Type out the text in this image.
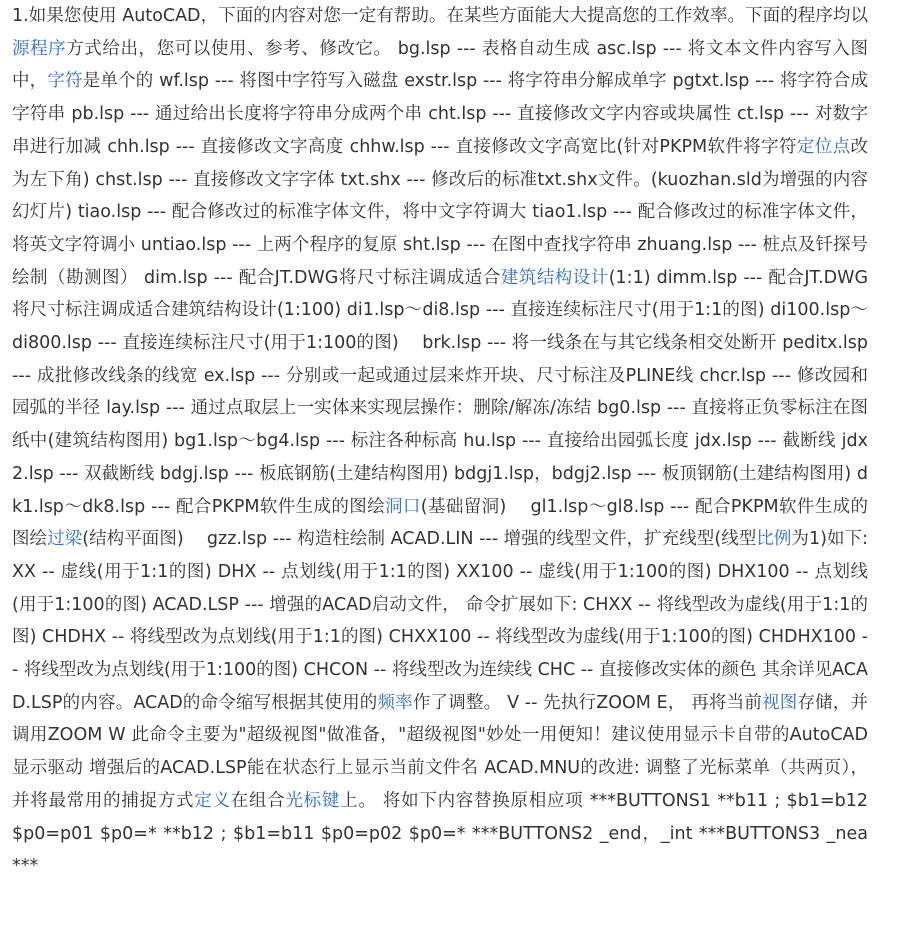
1.如果您使用 AutoCAD，下面的内容对您一定有帮助。在某些方面能大大提高您的工作效率。下面的程序均以源程序方式给出，您可以使用、参考、修改它。 bg.lsp --- 表格自动生成 asc.lsp --- 将文本文件内容写入图中，字符是单个的 wf.lsp --- 将图中字符写入磁盘 exstr.lsp --- 将字符串分解成单字 pgtxt.lsp --- 将字符合成字符串 pb.lsp --- 通过给出长度将字符串分成两个串 cht.lsp --- 直接修改文字内容或块属性 ct.lsp --- 对数字串进行加减 chh.lsp --- 直接修改文字高度 chhw.lsp --- 直接修改文字高宽比(针对PKPM软件将字符定位点改为左下角) chst.lsp --- 直接修改文字字体 txt.shx --- 修改后的标准txt.shx文件。(kuozhan.sld为增强的内容幻灯片) tiao.lsp --- 配合修改过的标准字体文件，将中文字符调大 tiao1.lsp --- 配合修改过的标准字体文件，将英文字符调小 untiao.lsp --- 上两个程序的复原 sht.lsp --- 在图中查找字符串 zhuang.lsp --- 桩点及钎探号绘制（勘测图） dim.lsp --- 配合JT.DWG将尺寸标注调成适合建筑结构设计(1:1) dimm.lsp --- 配合JT.DWG将尺寸标注调成适合建筑结构设计(1:100) di1.lsp～di8.lsp --- 直接连续标注尺寸(用于1:1的图) di100.lsp～di800.lsp --- 直接连续标注尺寸(用于1:100的图)　 brk.lsp --- 将一线条在与其它线条相交处断开 peditx.lsp --- 成批修改线条的线宽 ex.lsp --- 分别或一起或通过层来炸开块、尺寸标注及PLINE线 chcr.lsp --- 修改园和园弧的半径 lay.lsp --- 通过点取层上一实体来实现层操作：删除/解冻/冻结 bg0.lsp --- 直接将正负零标注在图纸中(建筑结构图用) bg1.lsp～bg4.lsp --- 标注各种标高 hu.lsp --- 直接给出园弧长度 jdx.lsp --- 截断线 jdx2.lsp --- 双截断线 bdgj.lsp --- 板底钢筋(土建结构图用) bdgj1.lsp，bdgj2.lsp --- 板顶钢筋(土建结构图用) dk1.lsp～dk8.lsp --- 配合PKPM软件生成的图绘洞口(基础留洞)　 gl1.lsp～gl8.lsp --- 配合PKPM软件生成的图绘过梁(结构平面图)　 gzz.lsp --- 构造柱绘制 ACAD.LIN --- 增强的线型文件，扩充线型(线型比例为1)如下: XX -- 虚线(用于1:1的图) DHX -- 点划线(用于1:1的图) XX100 -- 虚线(用于1:100的图) DHX100 -- 点划线(用于1:100的图) ACAD.LSP --- 增强的ACAD启动文件， 命令扩展如下: CHXX -- 将线型改为虚线(用于1:1的图) CHDHX -- 将线型改为点划线(用于1:1的图) CHXX100 -- 将线型改为虚线(用于1:100的图) CHDHX100 -- 将线型改为点划线(用于1:100的图) CHCON -- 将线型改为连续线 CHC -- 直接修改实体的颜色 其余详见ACAD.LSP的内容。ACAD的命令缩写根据其使用的频率作了调整。 V -- 先执行ZOOM E， 再将当前视图存储，并调用ZOOM W 此命令主要为"超级视图"做准备，"超级视图"妙处一用便知！建议使用显示卡自带的AutoCAD显示驱动 增强后的ACAD.LSP能在状态行上显示当前文件名 ACAD.MNU的改进: 调整了光标菜单（共两页），并将最常用的捕捉方式定义在组合光标键上。 将如下内容替换原相应项 ***BUTTONS1 **b11 ; $b1=b12 $p0=p01 $p0=* **b12 ; $b1=b11 $p0=p02 $p0=* ***BUTTONS2 _end，_int ***BUTTONS3 _nea ***
